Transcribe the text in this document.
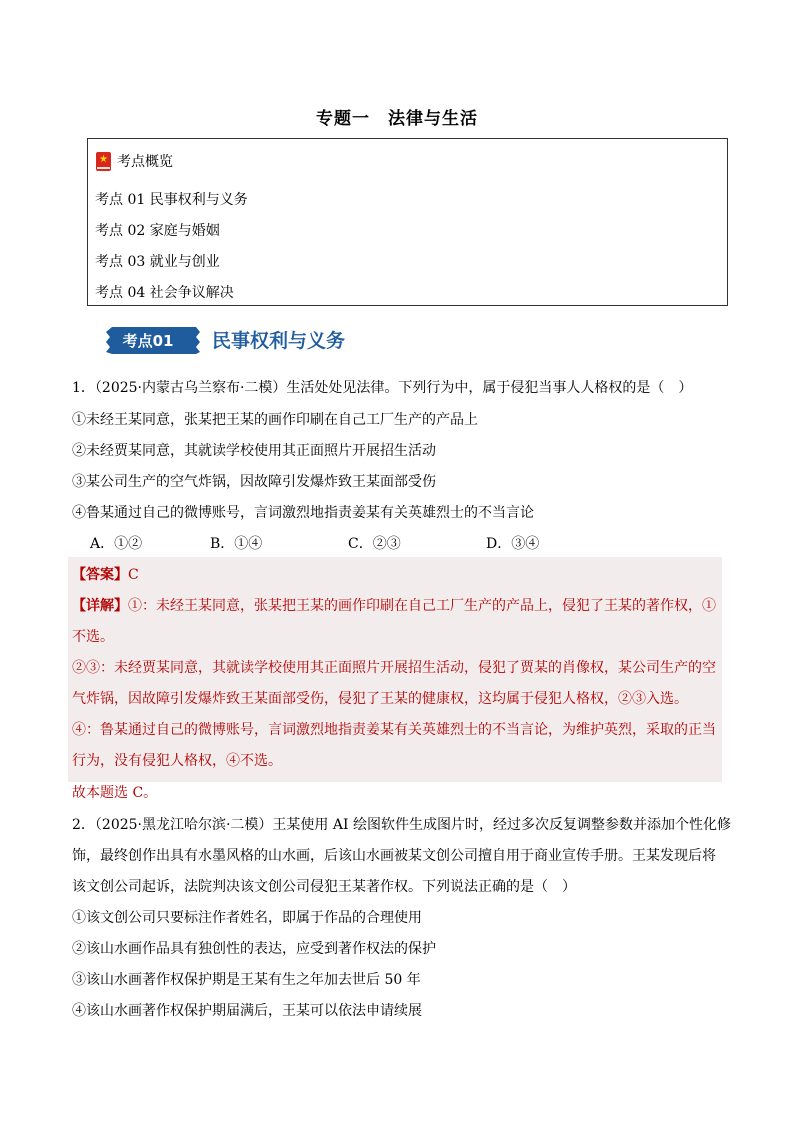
专题一　法律与生活
★ 考点概览
考点 01 民事权利与义务
考点 02 家庭与婚姻
考点 03 就业与创业
考点 04 社会争议解决
考点01 民事权利与义务
1．（2025·内蒙古乌兰察布·二模）生活处处见法律。下列行为中，属于侵犯当事人人格权的是（　）
①未经王某同意，张某把王某的画作印刷在自己工厂生产的产品上
②未经贾某同意，其就读学校使用其正面照片开展招生活动
③某公司生产的空气炸锅，因故障引发爆炸致王某面部受伤
④鲁某通过自己的微博账号，言词激烈地指责姜某有关英雄烈士的不当言论
A．①②	B．①④	C．②③	D．③④
【答案】C
【详解】①：未经王某同意，张某把王某的画作印刷在自己工厂生产的产品上，侵犯了王某的著作权，①
不选。
②③：未经贾某同意，其就读学校使用其正面照片开展招生活动，侵犯了贾某的肖像权，某公司生产的空
气炸锅，因故障引发爆炸致王某面部受伤，侵犯了王某的健康权，这均属于侵犯人格权，②③入选。
④：鲁某通过自己的微博账号，言词激烈地指责姜某有关英雄烈士的不当言论，为维护英烈，采取的正当
行为，没有侵犯人格权，④不选。
故本题选 C。
2．（2025·黑龙江哈尔滨·二模）王某使用 AI 绘图软件生成图片时，经过多次反复调整参数并添加个性化修
饰，最终创作出具有水墨风格的山水画，后该山水画被某文创公司擅自用于商业宣传手册。王某发现后将
该文创公司起诉，法院判决该文创公司侵犯王某著作权。下列说法正确的是（　）
①该文创公司只要标注作者姓名，即属于作品的合理使用
②该山水画作品具有独创性的表达，应受到著作权法的保护
③该山水画著作权保护期是王某有生之年加去世后 50 年
④该山水画著作权保护期届满后，王某可以依法申请续展
